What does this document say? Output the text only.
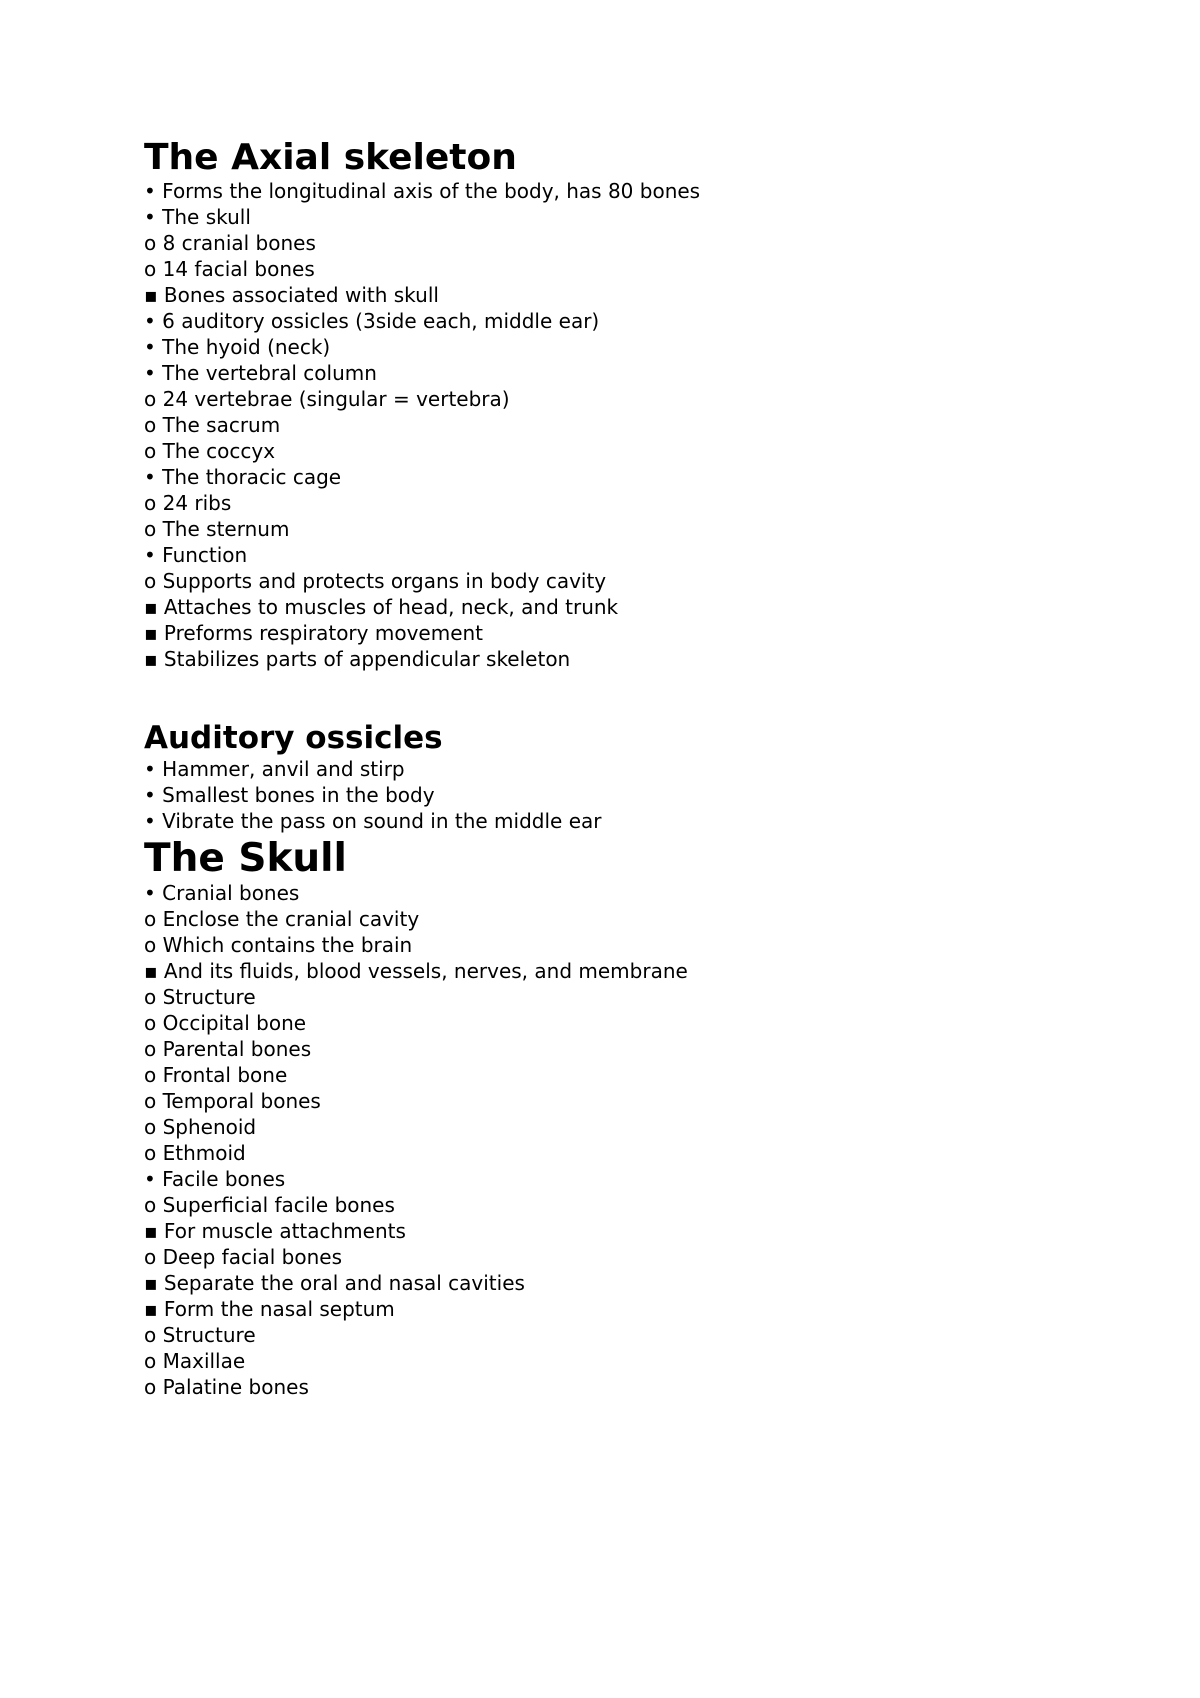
The Axial skeleton
• Forms the longitudinal axis of the body, has 80 bones
• The skull
o 8 cranial bones
o 14 facial bones
▪ Bones associated with skull
• 6 auditory ossicles (3side each, middle ear)
• The hyoid (neck)
• The vertebral column
o 24 vertebrae (singular = vertebra)
o The sacrum
o The coccyx
• The thoracic cage
o 24 ribs
o The sternum
• Function
o Supports and protects organs in body cavity
▪ Attaches to muscles of head, neck, and trunk
▪ Preforms respiratory movement
▪ Stabilizes parts of appendicular skeleton
Auditory ossicles
• Hammer, anvil and stirp
• Smallest bones in the body
• Vibrate the pass on sound in the middle ear
The Skull
• Cranial bones
o Enclose the cranial cavity
o Which contains the brain
▪ And its fluids, blood vessels, nerves, and membrane
o Structure
o Occipital bone
o Parental bones
o Frontal bone
o Temporal bones
o Sphenoid
o Ethmoid
• Facile bones
o Superficial facile bones
▪ For muscle attachments
o Deep facial bones
▪ Separate the oral and nasal cavities
▪ Form the nasal septum
o Structure
o Maxillae
o Palatine bones
